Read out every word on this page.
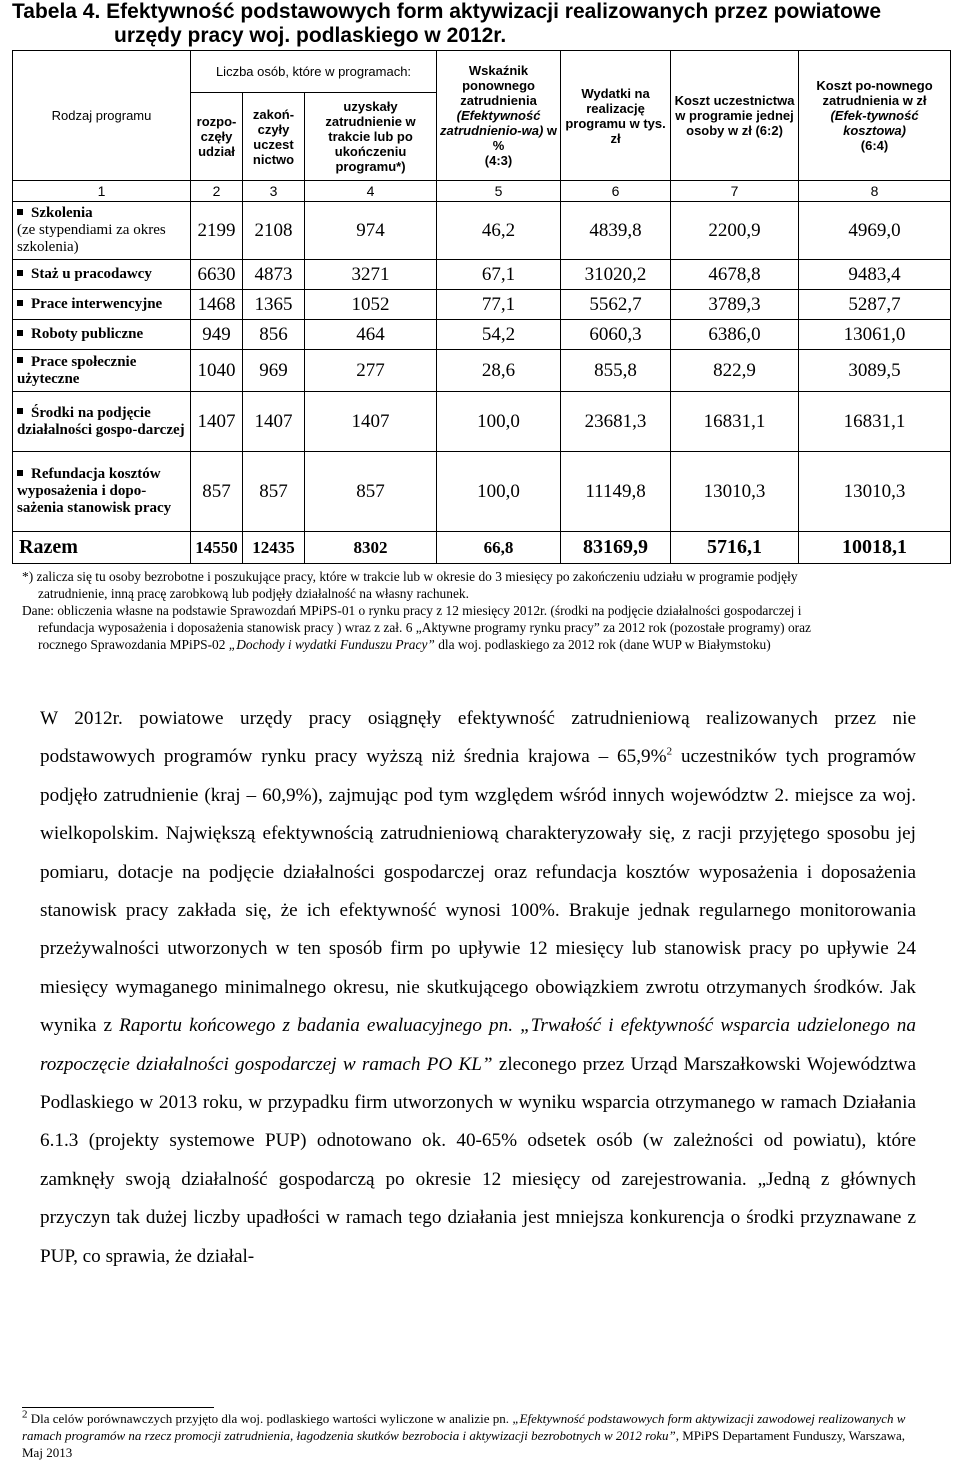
Tabela 4. Efektywność podstawowych form aktywizacji realizowanych przez powiatowe
urzędy pracy woj. podlaskiego w 2012r.
Rodzaj programu	Liczba osób, które w programach:			Wskaźnik ponownego zatrudnienia
(Efektywność zatrudnienio-wa) w %
(4:3)	Wydatki na realizację programu w tys. zł	Koszt uczestnictwa w programie jednej osoby w zł (6:2)	Koszt po-nownego zatrudnienia w zł
(Efek-tywność kosztowa)
(6:4)
	rozpo-częły udział	zakoń-czyły uczest nictwo	uzyskały zatrudnienie w trakcie lub po ukończeniu programu*)				

1	2	3	4	5	6	7	8
Szkolenia
(ze stypendiami za okres szkolenia)	2199	2108	974	46,2	4839,8	2200,9	4969,0
Staż u pracodawcy	6630	4873	3271	67,1	31020,2	4678,8	9483,4
Prace interwencyjne	1468	1365	1052	77,1	5562,7	3789,3	5287,7
Roboty publiczne	949	856	464	54,2	6060,3	6386,0	13061,0
Prace społecznie użyteczne	1040	969	277	28,6	855,8	822,9	3089,5
Środki na podjęcie działalności gospo-darczej	1407	1407	1407	100,0	23681,3	16831,1	16831,1
Refundacja kosztów wyposażenia i dopo-sażenia stanowisk pracy	857	857	857	100,0	11149,8	13010,3	13010,3
Razem	14550	12435	8302	66,8	83169,9	5716,1	10018,1
*) zalicza się tu osoby bezrobotne i poszukujące pracy, które w trakcie lub w okresie do 3 miesięcy po zakończeniu udziału w programie podjęły
zatrudnienie, inną pracę zarobkową lub podjęły działalność na własny rachunek.
Dane: obliczenia własne na podstawie Sprawozdań MPiPS-01 o rynku pracy z 12 miesięcy 2012r. (środki na podjęcie działalności gospodarczej i
refundacja wyposażenia i doposażenia stanowisk pracy ) wraz z zał. 6 „Aktywne programy rynku pracy” za 2012 rok (pozostałe programy) oraz
rocznego Sprawozdania MPiPS-02 „Dochody i wydatki Funduszu Pracy” dla woj. podlaskiego za 2012 rok (dane WUP w Białymstoku)

W 2012r. powiatowe urzędy pracy osiągnęły efektywność zatrudnieniową realizowanych przez nie podstawowych programów rynku pracy wyższą niż średnia krajowa – 65,9%$^2$ uczestników tych programów podjęło zatrudnienie (kraj – 60,9%), zajmując pod tym względem wśród innych województw 2. miejsce za woj. wielkopolskim. Największą efektywnością zatrudnieniową charakteryzowały się, z racji przyjętego sposobu jej pomiaru, dotacje na podjęcie działalności gospodarczej oraz refundacja kosztów wyposażenia i doposażenia stanowisk pracy zakłada się, że ich efektywność wynosi 100%. Brakuje jednak regularnego monitorowania przeżywalności utworzonych w ten sposób firm po upływie 12 miesięcy lub stanowisk pracy po upływie 24 miesięcy wymaganego minimalnego okresu, nie skutkującego obowiązkiem zwrotu otrzymanych środków. Jak wynika z Raportu końcowego z badania ewaluacyjnego pn. „Trwałość i efektywność wsparcia udzielonego na rozpoczęcie działalności gospodarczej w ramach PO KL” zleconego przez Urząd Marszałkowski Województwa Podlaskiego w 2013 roku, w przypadku firm utworzonych w wyniku wsparcia otrzymanego w ramach Działania 6.1.3 (projekty systemowe PUP) odnotowano ok. 40-65% odsetek osób (w zależności od powiatu), które zamknęły swoją działalność gospodarczą po okresie 12 miesięcy od zarejestrowania. „Jedną z głównych przyczyn tak dużej liczby upadłości w ramach tego działania jest mniejsza konkurencja o środki przyznawane z PUP, co sprawia, że działal-

$^2$ Dla celów porównawczych przyjęto dla woj. podlaskiego wartości wyliczone w analizie pn. „Efektywność podstawowych form aktywizacji zawodowej realizowanych w ramach programów na rzecz promocji zatrudnienia, łagodzenia skutków bezrobocia i aktywizacji bezrobotnych w 2012 roku”, MPiPS Departament Funduszy, Warszawa, Maj 2013
